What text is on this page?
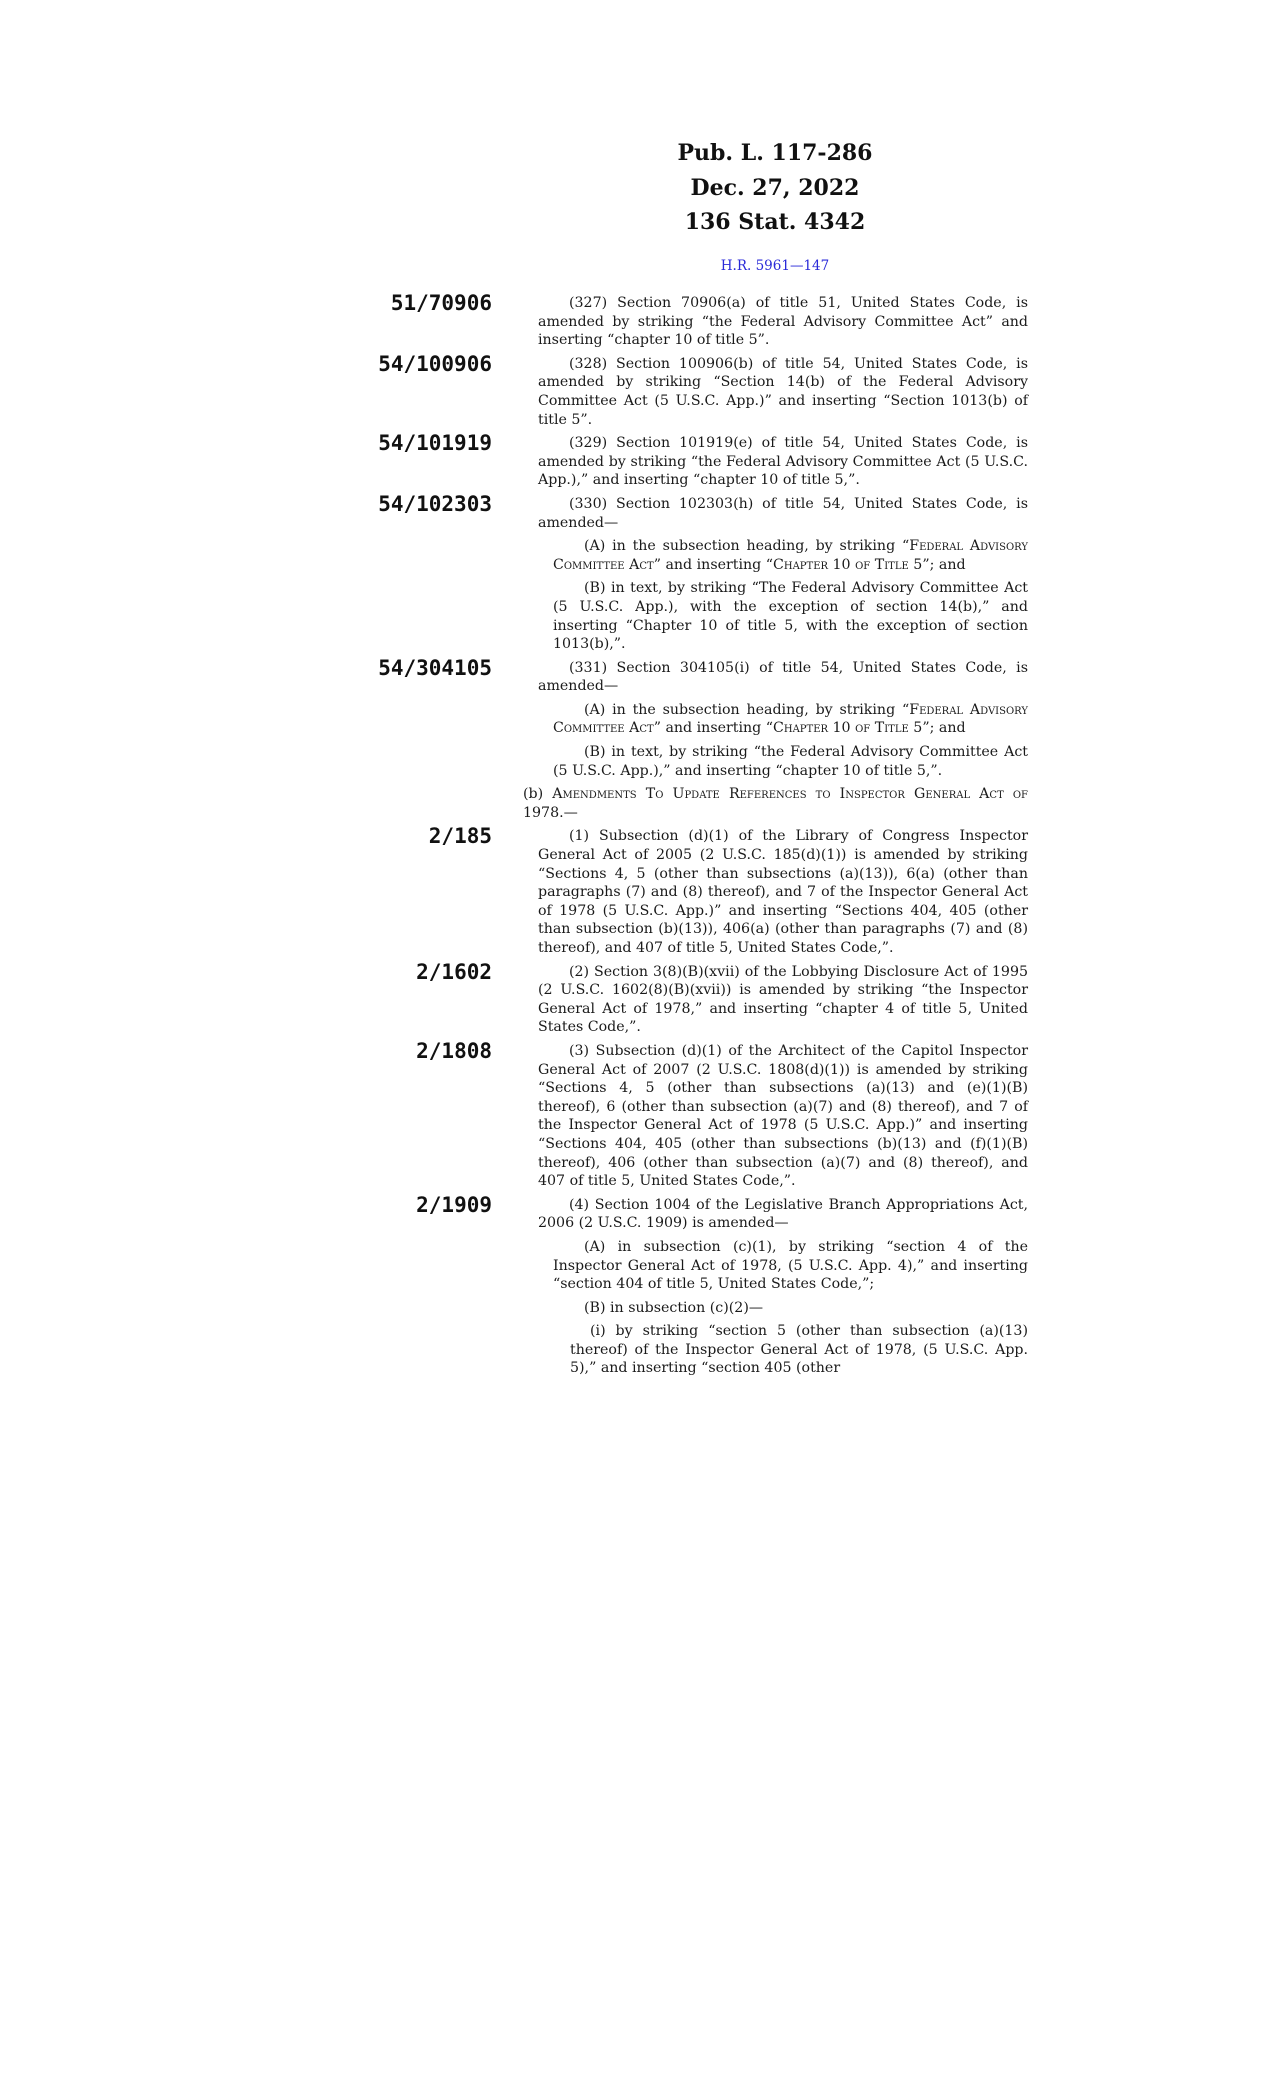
Pub. L. 117-286
Dec. 27, 2022
136 Stat. 4342
H.R. 5961—147
51/70906	(327) Section 70906(a) of title 51, United States Code, is amended by striking “the Federal Advisory Committee Act” and inserting “chapter 10 of title 5”.

54/100906	(328) Section 100906(b) of title 54, United States Code, is amended by striking “Section 14(b) of the Federal Advisory Committee Act (5 U.S.C. App.)” and inserting “Section 1013(b) of title 5”.

54/101919	(329) Section 101919(e) of title 54, United States Code, is amended by striking “the Federal Advisory Committee Act (5 U.S.C. App.),” and inserting “chapter 10 of title 5,”.

54/102303	(330) Section 102303(h) of title 54, United States Code, is amended—

(A) in the subsection heading, by striking “Federal Advisory Committee Act” and inserting “Chapter 10 of Title 5”; and

(B) in text, by striking “The Federal Advisory Committee Act (5 U.S.C. App.), with the exception of section 14(b),” and inserting “Chapter 10 of title 5, with the exception of section 1013(b),”.

54/304105	(331) Section 304105(i) of title 54, United States Code, is amended—

(A) in the subsection heading, by striking “Federal Advisory Committee Act” and inserting “Chapter 10 of Title 5”; and

(B) in text, by striking “the Federal Advisory Committee Act (5 U.S.C. App.),” and inserting “chapter 10 of title 5,”.

(b) Amendments To Update References to Inspector General Act of 1978.—

2/185	(1) Subsection (d)(1) of the Library of Congress Inspector General Act of 2005 (2 U.S.C. 185(d)(1)) is amended by striking “Sections 4, 5 (other than subsections (a)(13)), 6(a) (other than paragraphs (7) and (8) thereof), and 7 of the Inspector General Act of 1978 (5 U.S.C. App.)” and inserting “Sections 404, 405 (other than subsection (b)(13)), 406(a) (other than paragraphs (7) and (8) thereof), and 407 of title 5, United States Code,”.

2/1602	(2) Section 3(8)(B)(xvii) of the Lobbying Disclosure Act of 1995 (2 U.S.C. 1602(8)(B)(xvii)) is amended by striking “the Inspector General Act of 1978,” and inserting “chapter 4 of title 5, United States Code,”.

2/1808	(3) Subsection (d)(1) of the Architect of the Capitol Inspector General Act of 2007 (2 U.S.C. 1808(d)(1)) is amended by striking “Sections 4, 5 (other than subsections (a)(13) and (e)(1)(B) thereof), 6 (other than subsection (a)(7) and (8) thereof), and 7 of the Inspector General Act of 1978 (5 U.S.C. App.)” and inserting “Sections 404, 405 (other than subsections (b)(13) and (f)(1)(B) thereof), 406 (other than subsection (a)(7) and (8) thereof), and 407 of title 5, United States Code,”.

2/1909	(4) Section 1004 of the Legislative Branch Appropriations Act, 2006 (2 U.S.C. 1909) is amended—

(A) in subsection (c)(1), by striking “section 4 of the Inspector General Act of 1978, (5 U.S.C. App. 4),” and inserting “section 404 of title 5, United States Code,”;

(B) in subsection (c)(2)—

(i) by striking “section 5 (other than subsection (a)(13) thereof) of the Inspector General Act of 1978, (5 U.S.C. App. 5),” and inserting “section 405 (other
